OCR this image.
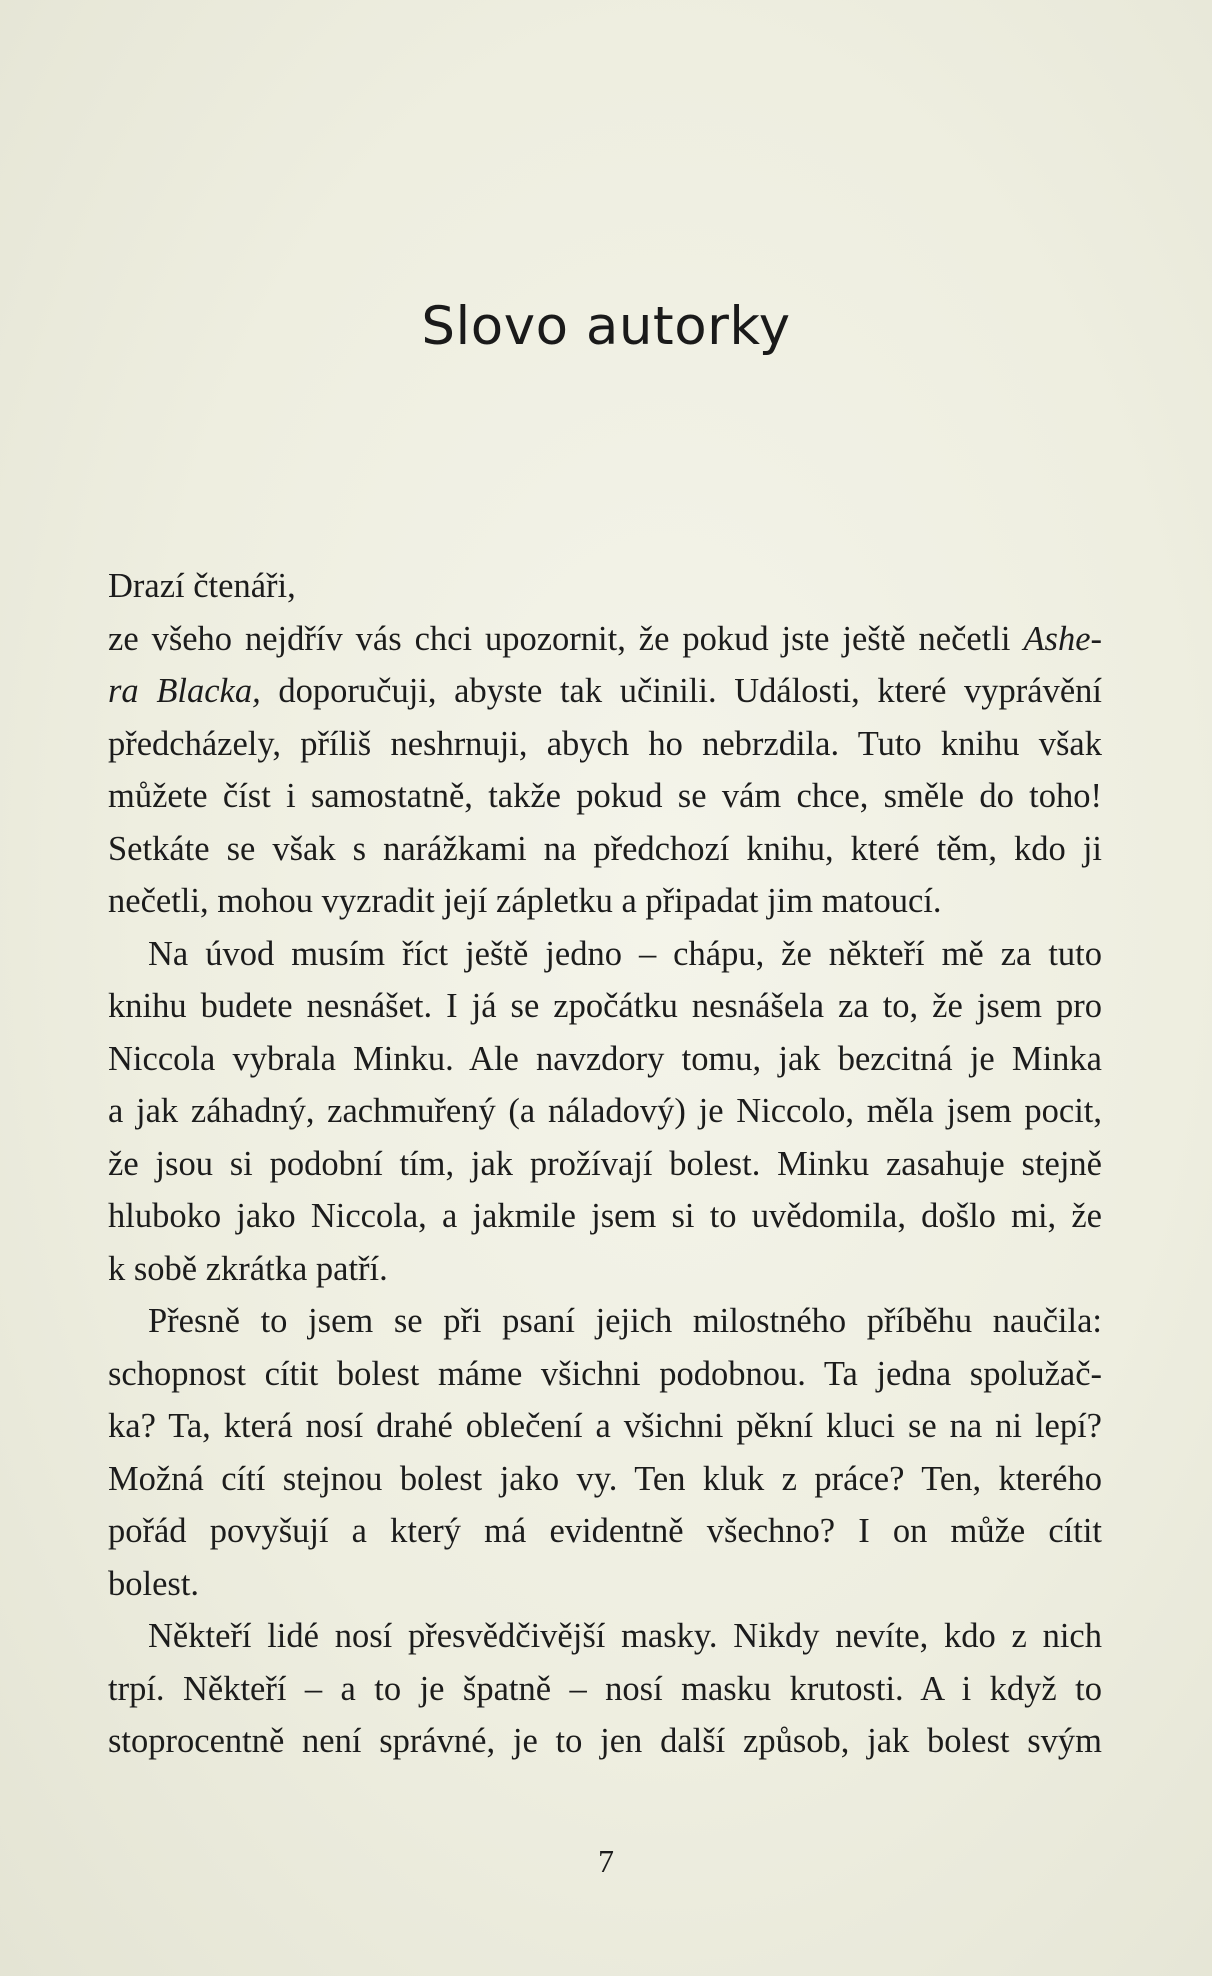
Slovo autorky

Drazí čtenáři,

ze všeho nejdřív vás chci upozornit, že pokud jste ještě nečetli Ashe-
ra Blacka, doporučuji, abyste tak učinili. Události, které vyprávění
předcházely, příliš neshrnuji, abych ho nebrzdila. Tuto knihu však
můžete číst i samostatně, takže pokud se vám chce, směle do toho!
Setkáte se však s narážkami na předchozí knihu, které těm, kdo ji
nečetli, mohou vyzradit její zápletku a připadat jim matoucí.

Na úvod musím říct ještě jedno – chápu, že někteří mě za tuto
knihu budete nesnášet. I já se zpočátku nesnášela za to, že jsem pro
Niccola vybrala Minku. Ale navzdory tomu, jak bezcitná je Minka
a jak záhadný, zachmuřený (a náladový) je Niccolo, měla jsem pocit,
že jsou si podobní tím, jak prožívají bolest. Minku zasahuje stejně
hluboko jako Niccola, a jakmile jsem si to uvědomila, došlo mi, že
k sobě zkrátka patří.

Přesně to jsem se při psaní jejich milostného příběhu naučila:
schopnost cítit bolest máme všichni podobnou. Ta jedna spolužač-
ka? Ta, která nosí drahé oblečení a všichni pěkní kluci se na ni lepí?
Možná cítí stejnou bolest jako vy. Ten kluk z práce? Ten, kterého
pořád povyšují a který má evidentně všechno? I on může cítit
bolest.

Někteří lidé nosí přesvědčivější masky. Nikdy nevíte, kdo z nich
trpí. Někteří – a to je špatně – nosí masku krutosti. A i když to
stoprocentně není správné, je to jen další způsob, jak bolest svým

7
